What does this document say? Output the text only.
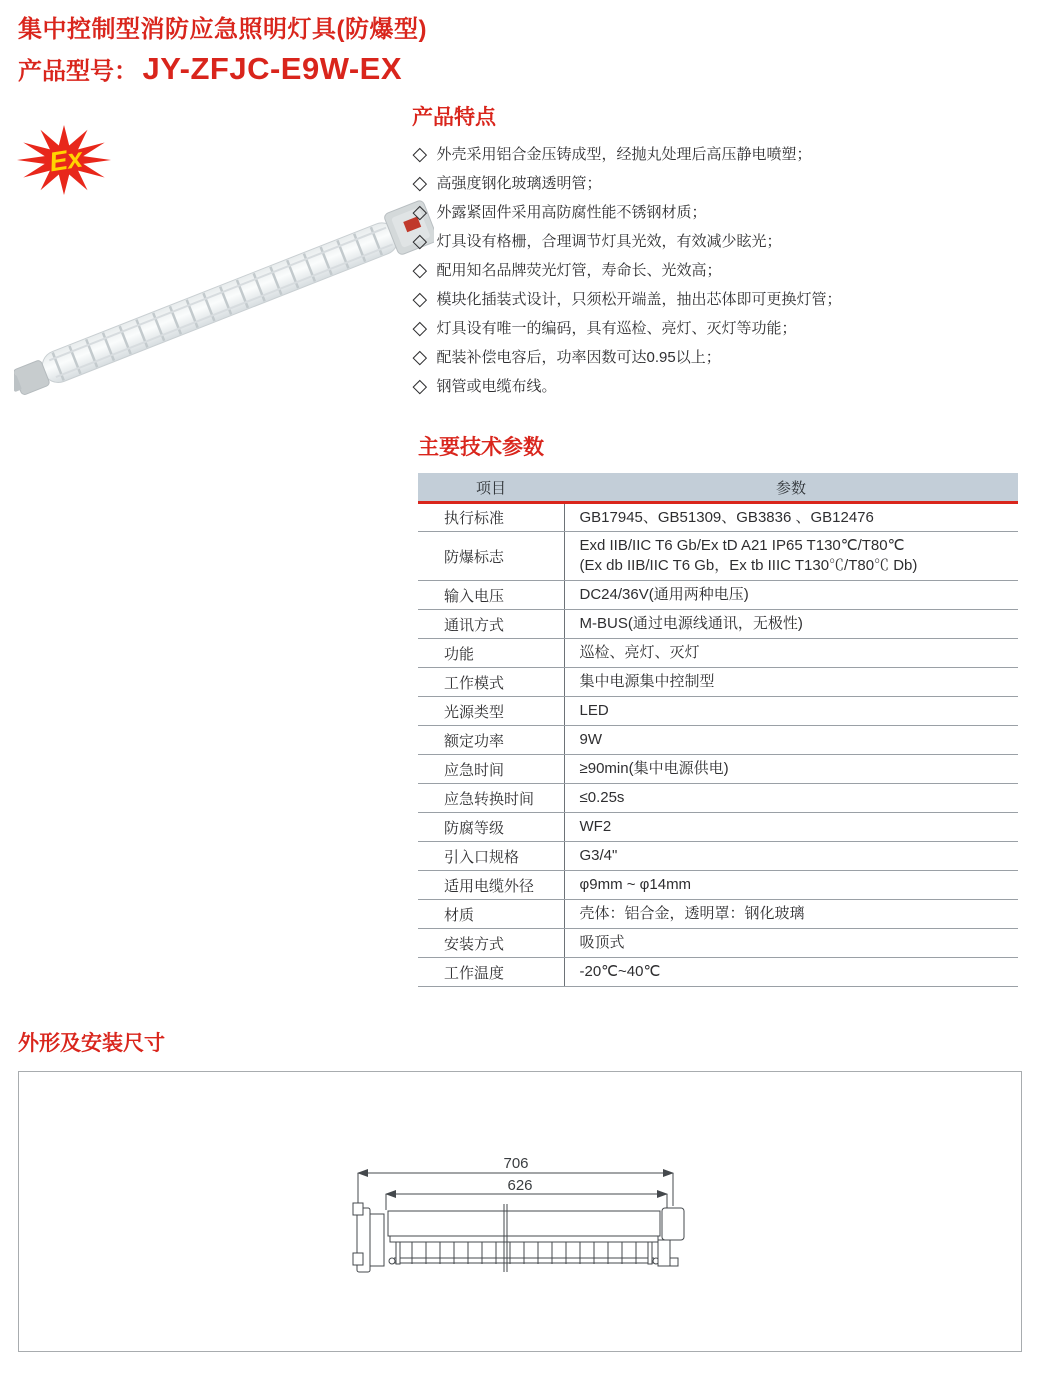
集中控制型消防应急照明灯具(防爆型)
产品型号： JY-ZFJC-E9W-EX
Ex
产品特点
◇ 外壳采用铝合金压铸成型，经抛丸处理后高压静电喷塑；
◇ 高强度钢化玻璃透明管；
◇ 外露紧固件采用高防腐性能不锈钢材质；
◇ 灯具设有格栅，合理调节灯具光效，有效减少眩光；
◇ 配用知名品牌荧光灯管，寿命长、光效高；
◇ 模块化插装式设计，只须松开端盖，抽出芯体即可更换灯管；
◇ 灯具设有唯一的编码，具有巡检、亮灯、灭灯等功能；
◇ 配装补偿电容后，功率因数可达0.95以上；
◇ 钢管或电缆布线。
主要技术参数
项目	参数
执行标准	GB17945、GB51309、GB3836 、GB12476

防爆标志	Exd IIB/IIC T6 Gb/Ex tD A21 IP65 T130℃/T80℃
(Ex db IIB/IIC T6 Gb，Ex tb IIIC T130℃/T80℃ Db)

输入电压	DC24/36V(通用两种电压)

通讯方式	M-BUS(通过电源线通讯，无极性)

功能	巡检、亮灯、灭灯

工作模式	集中电源集中控制型

光源类型	LED

额定功率	9W

应急时间	≥90min(集中电源供电)

应急转换时间	≤0.25s

防腐等级	WF2

引入口规格	G3/4"

适用电缆外径	φ9mm ~ φ14mm

材质	壳体：铝合金，透明罩：钢化玻璃

安装方式	吸顶式

工作温度	-20℃~40℃
外形及安装尺寸
706
626
